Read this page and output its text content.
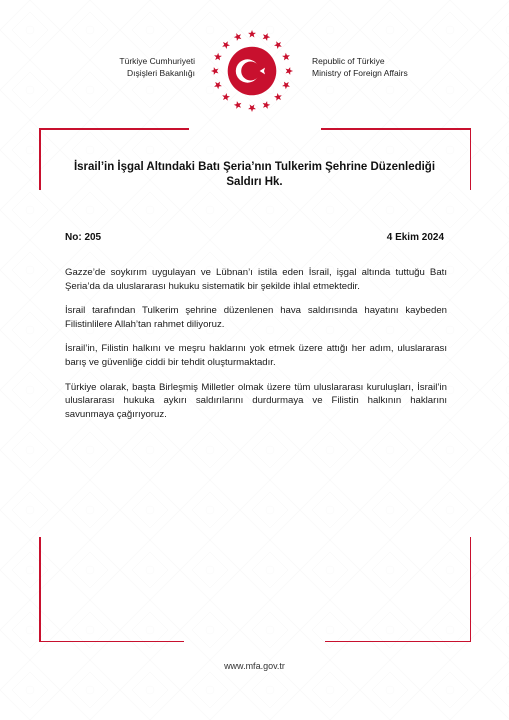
Türkiye Cumhuriyeti
Dışişleri Bakanlığı
Republic of Türkiye
Ministry of Foreign Affairs
İsrail’in İşgal Altındaki Batı Şeria’nın Tulkerim Şehrine Düzenlediği
Saldırı Hk.
No: 205	4 Ekim 2024

Gazze’de soykırım uygulayan ve Lübnan’ı istila eden İsrail, işgal altında tuttuğu Batı Şeria’da da uluslararası hukuku sistematik bir şekilde ihlal etmektedir.

İsrail tarafından Tulkerim şehrine düzenlenen hava saldırısında hayatını kaybeden Filistinlilere Allah’tan rahmet diliyoruz.

İsrail’in, Filistin halkını ve meşru haklarını yok etmek üzere attığı her adım, uluslararası barış ve güvenliğe ciddi bir tehdit oluşturmaktadır.

Türkiye olarak, başta Birleşmiş Milletler olmak üzere tüm uluslararası kuruluşları, İsrail’in uluslararası hukuka aykırı saldırılarını durdurmaya ve Filistin halkının haklarını savunmaya çağırıyoruz.

www.mfa.gov.tr
